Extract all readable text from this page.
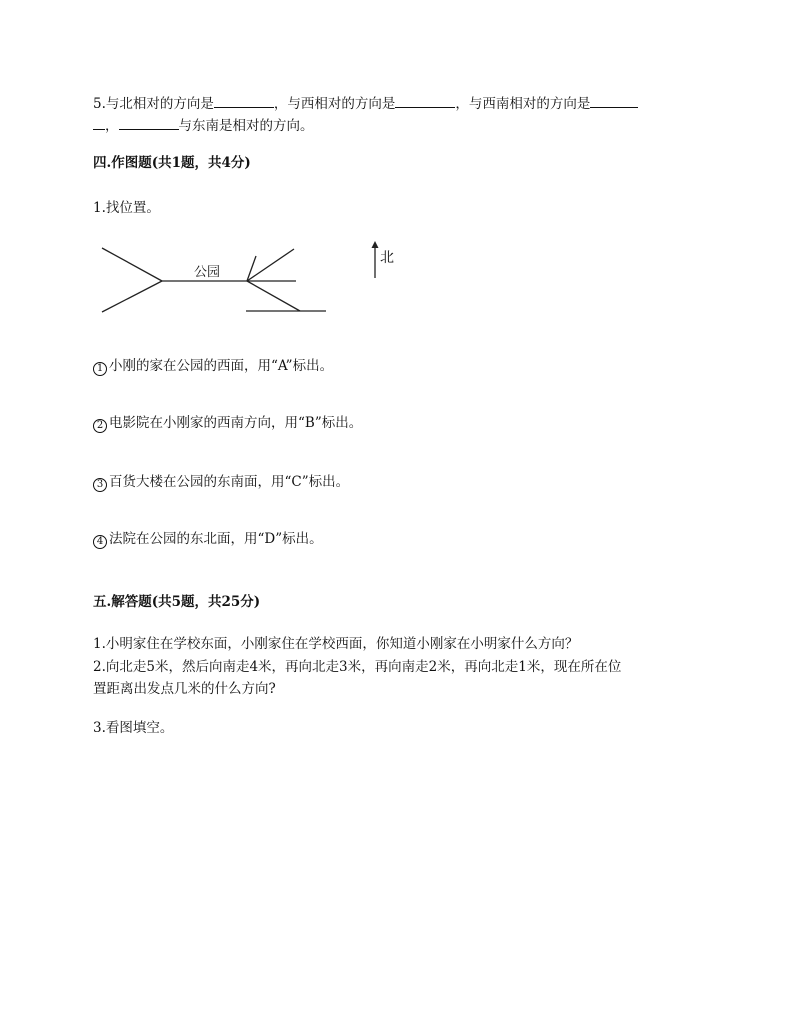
5.与北相对的方向是	，与西相对的方向是	，与西南相对的方向是
，	与东南是相对的方向。
四.作图题(共1题，共4分)
1.找位置。
公园
北
1 小刚的家在公园的西面，用“A”标出。
2 电影院在小刚家的西南方向，用“B”标出。
3 百货大楼在公园的东南面，用“C”标出。
4 法院在公园的东北面，用“D”标出。
五.解答题(共5题，共25分)
1.小明家住在学校东面，小刚家住在学校西面，你知道小刚家在小明家什么方向？
2.向北走5米，然后向南走4米，再向北走3米，再向南走2米，再向北走1米，现在所在位
置距离出发点几米的什么方向?
3.看图填空。
